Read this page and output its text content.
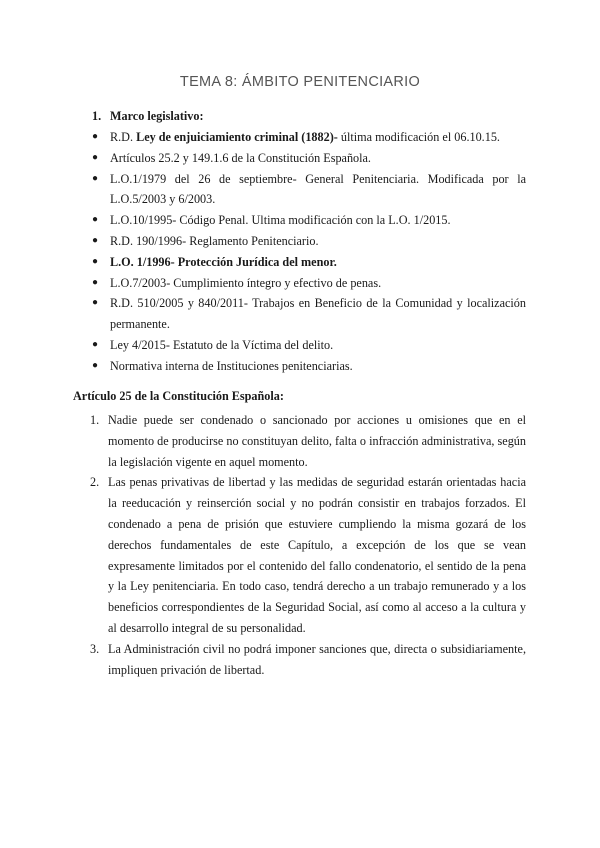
TEMA 8: ÁMBITO PENITENCIARIO

1. Marco legislativo:

● R.D. Ley de enjuiciamiento criminal (1882)- última modificación el 06.10.15.
● Artículos 25.2 y 149.1.6 de la Constitución Española.
● L.O.1/1979 del 26 de septiembre- General Penitenciaria. Modificada por la L.O.5/2003 y 6/2003.
● L.O.10/1995- Código Penal. Ultima modificación con la L.O. 1/2015.
● R.D. 190/1996- Reglamento Penitenciario.
● L.O. 1/1996- Protección Jurídica del menor.
● L.O.7/2003- Cumplimiento íntegro y efectivo de penas.
● R.D. 510/2005 y 840/2011- Trabajos en Beneficio de la Comunidad y localización permanente.
● Ley 4/2015- Estatuto de la Víctima del delito.
● Normativa interna de Instituciones penitenciarias.

Artículo 25 de la Constitución Española:

1. Nadie puede ser condenado o sancionado por acciones u omisiones que en el momento de producirse no constituyan delito, falta o infracción administrativa, según la legislación vigente en aquel momento.
2. Las penas privativas de libertad y las medidas de seguridad estarán orientadas hacia la reeducación y reinserción social y no podrán consistir en trabajos forzados. El condenado a pena de prisión que estuviere cumpliendo la misma gozará de los derechos fundamentales de este Capítulo, a excepción de los que se vean expresamente limitados por el contenido del fallo condenatorio, el sentido de la pena y la Ley penitenciaria. En todo caso, tendrá derecho a un trabajo remunerado y a los beneficios correspondientes de la Seguridad Social, así como al acceso a la cultura y al desarrollo integral de su personalidad.
3. La Administración civil no podrá imponer sanciones que, directa o subsidiariamente, impliquen privación de libertad.
